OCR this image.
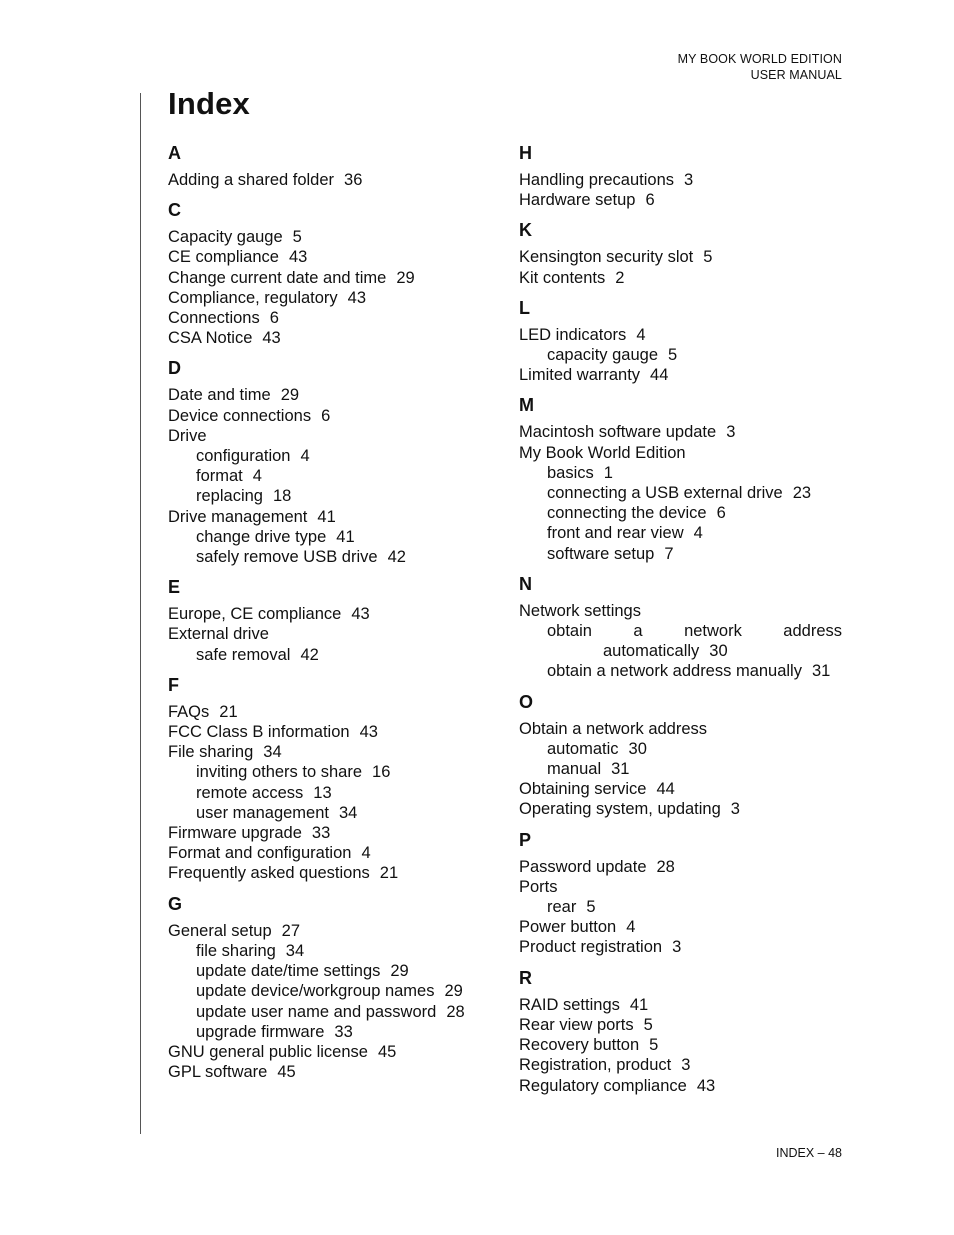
MY BOOK WORLD EDITION
USER MANUAL
Index
A
Adding a shared folder 36
C
Capacity gauge 5
CE compliance 43
Change current date and time 29
Compliance, regulatory 43
Connections 6
CSA Notice 43
D
Date and time 29
Device connections 6
Drive
configuration 4
format 4
replacing 18
Drive management 41
change drive type 41
safely remove USB drive 42
E
Europe, CE compliance 43
External drive
safe removal 42
F
FAQs 21
FCC Class B information 43
File sharing 34
inviting others to share 16
remote access 13
user management 34
Firmware upgrade 33
Format and configuration 4
Frequently asked questions 21
G
General setup 27
file sharing 34
update date/time settings 29
update device/workgroup names 29
update user name and password 28
upgrade firmware 33
GNU general public license 45
GPL software 45
H
Handling precautions 3
Hardware setup 6
K
Kensington security slot 5
Kit contents 2
L
LED indicators 4
capacity gauge 5
Limited warranty 44
M
Macintosh software update 3
My Book World Edition
basics 1
connecting a USB external drive 23
connecting the device 6
front and rear view 4
software setup 7
N
Network settings
obtain	a	network	address
automatically 30
obtain a network address manually 31
O
Obtain a network address
automatic 30
manual 31
Obtaining service 44
Operating system, updating 3
P
Password update 28
Ports
rear 5
Power button 4
Product registration 3
R
RAID settings 41
Rear view ports 5
Recovery button 5
Registration, product 3
Regulatory compliance 43
INDEX – 48
